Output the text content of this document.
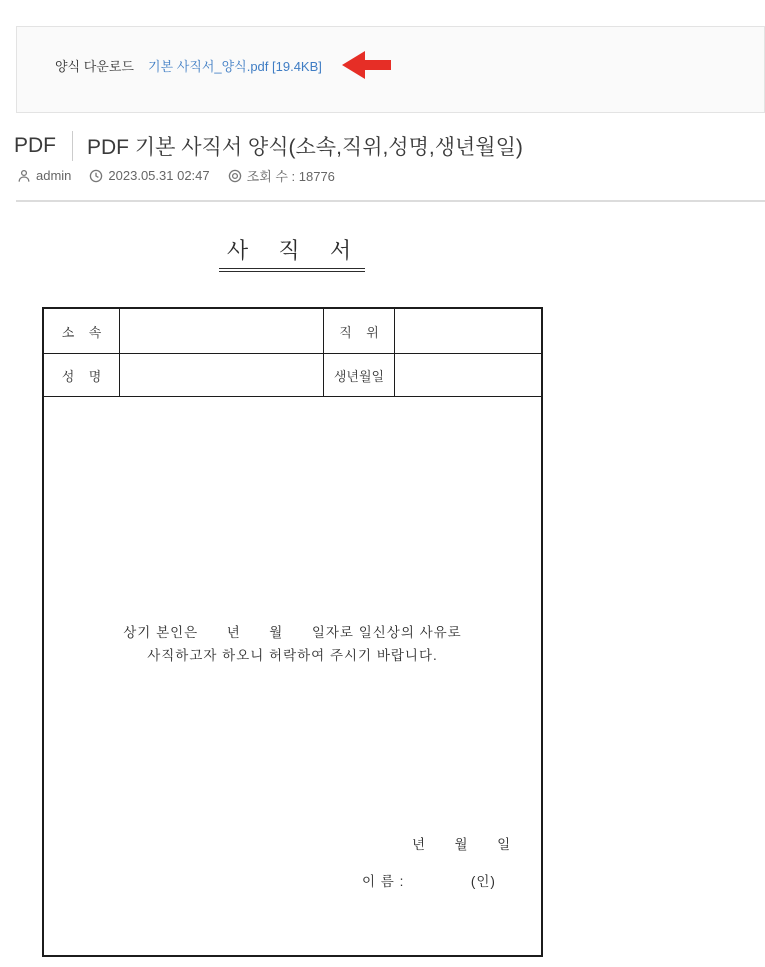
양식 다운로드 기본 사직서_양식.pdf [19.4KB]
PDF PDF 기본 사직서 양식(소속,직위,성명,생년월일)
admin	2023.05.31 02:47	조회 수 : 18776
사  직  서
소    속	직    위
성    명	생년월일
상기 본인은      년      월      일자로 일신상의 사유로
사직하고자 하오니 허락하여 주시기 바랍니다.
년      월      일
이 름 :              (인)
